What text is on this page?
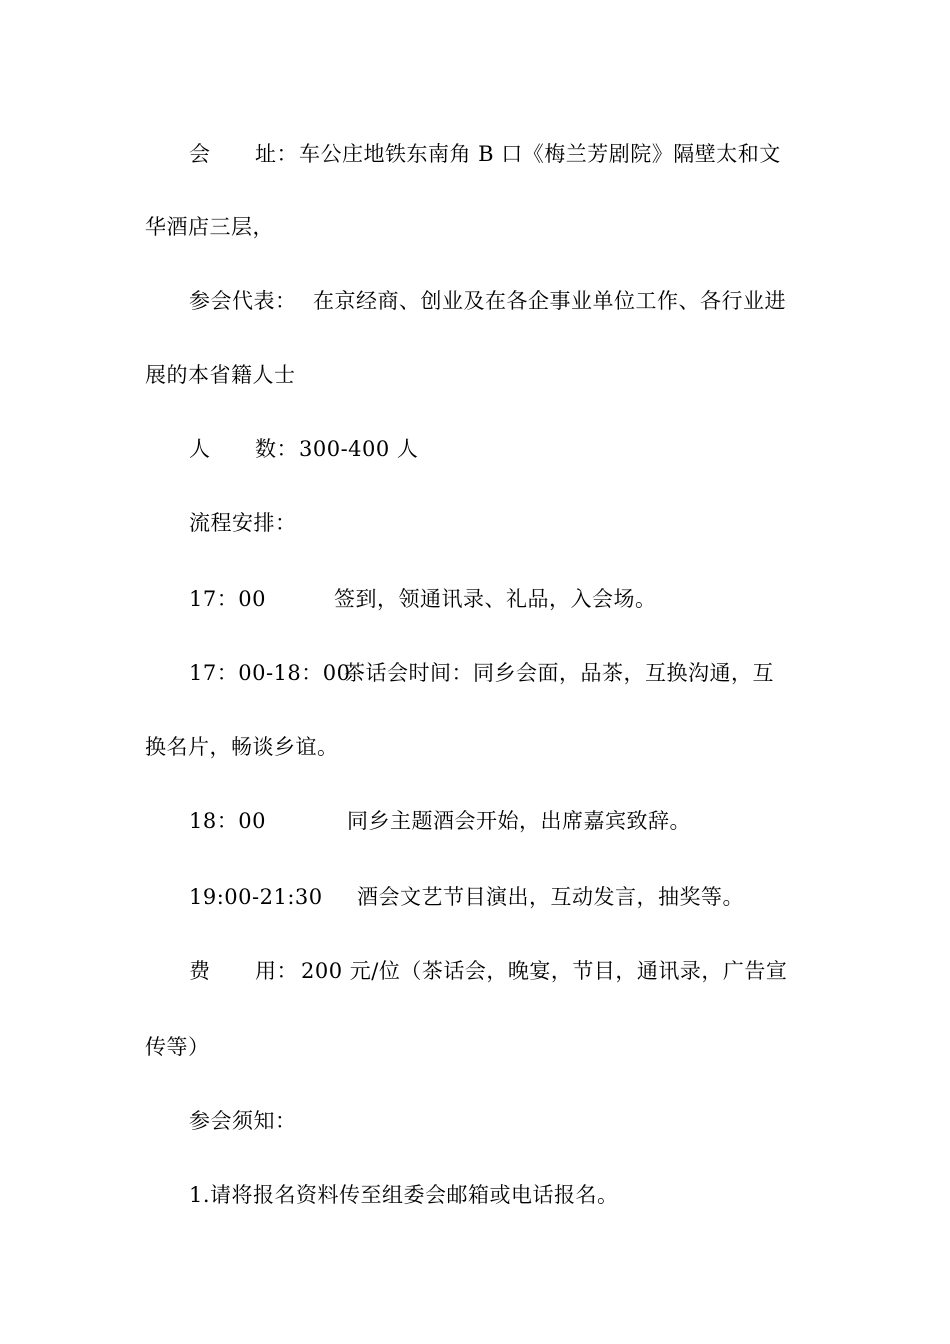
会 址： 车公庄地铁东南角 B 口《梅兰芳剧院》隔壁太和文
华酒店三层，
参会代表： 在京经商、创业及在各企事业单位工作、各行业进
展的本省籍人士
人 数： 300-400 人
流程安排：
17：00	签到，领通讯录、礼品，入会场。
17：00-18：00
茶话会时间：同乡会面，品茶，互换沟通，互
换名片，畅谈乡谊。
18：00	同乡主题酒会开始，出席嘉宾致辞。
19:00-21:30 酒会文艺节目演出，互动发言，抽奖等。
费 用： 200 元/位（茶话会，晚宴，节目，通讯录，广告宣
传等）
参会须知：
1.请将报名资料传至组委会邮箱或电话报名。
